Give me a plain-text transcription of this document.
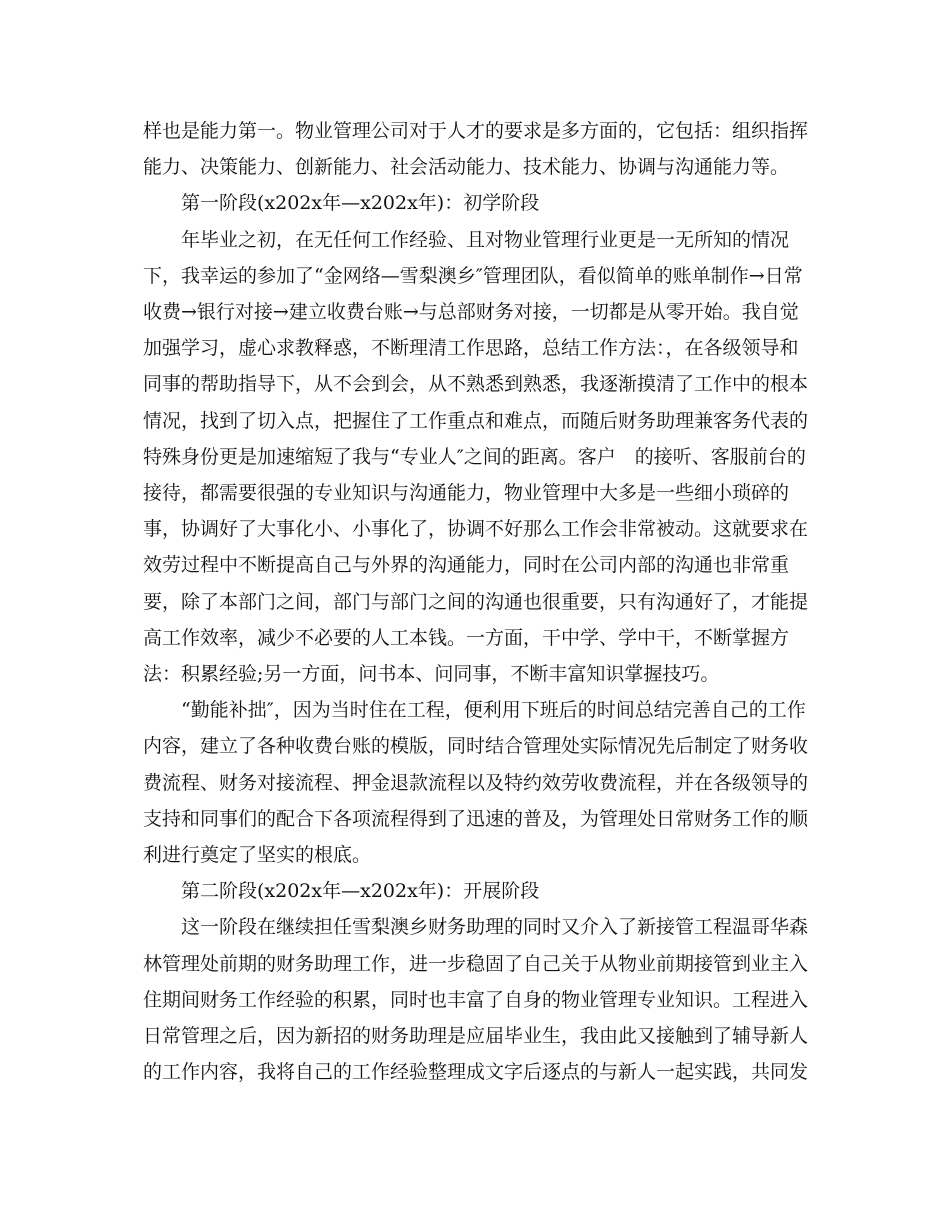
样也是能力第一。物业管理公司对于人才的要求是多方面的，它包括：组织指挥能力、决策能力、创新能力、社会活动能力、技术能力、协调与沟通能力等。

第一阶段(x202x年—x202x年)：初学阶段

年毕业之初，在无任何工作经验、且对物业管理行业更是一无所知的情况下，我幸运的参加了“金网络—雪梨澳乡″管理团队，看似简单的账单制作→日常收费→银行对接→建立收费台账→与总部财务对接，一切都是从零开始。我自觉加强学习，虚心求教释惑，不断理清工作思路，总结工作方法：，在各级领导和同事的帮助指导下，从不会到会，从不熟悉到熟悉，我逐渐摸清了工作中的根本情况，找到了切入点，把握住了工作重点和难点，而随后财务助理兼客务代表的特殊身份更是加速缩短了我与“专业人″之间的距离。客户　的接听、客服前台的接待，都需要很强的专业知识与沟通能力，物业管理中大多是一些细小琐碎的事，协调好了大事化小、小事化了，协调不好那么工作会非常被动。这就要求在效劳过程中不断提高自己与外界的沟通能力，同时在公司内部的沟通也非常重要，除了本部门之间，部门与部门之间的沟通也很重要，只有沟通好了，才能提高工作效率，减少不必要的人工本钱。一方面，干中学、学中干，不断掌握方法：积累经验;另一方面，问书本、问同事，不断丰富知识掌握技巧。

“勤能补拙″，因为当时住在工程，便利用下班后的时间总结完善自己的工作内容，建立了各种收费台账的模版，同时结合管理处实际情况先后制定了财务收费流程、财务对接流程、押金退款流程以及特约效劳收费流程，并在各级领导的支持和同事们的配合下各项流程得到了迅速的普及，为管理处日常财务工作的顺利进行奠定了坚实的根底。

第二阶段(x202x年—x202x年)：开展阶段

这一阶段在继续担任雪梨澳乡财务助理的同时又介入了新接管工程温哥华森林管理处前期的财务助理工作，进一步稳固了自己关于从物业前期接管到业主入住期间财务工作经验的积累，同时也丰富了自身的物业管理专业知识。工程进入日常管理之后，因为新招的财务助理是应届毕业生，我由此又接触到了辅导新人的工作内容，我将自己的工作经验整理成文字后逐点的与新人一起实践，共同发
